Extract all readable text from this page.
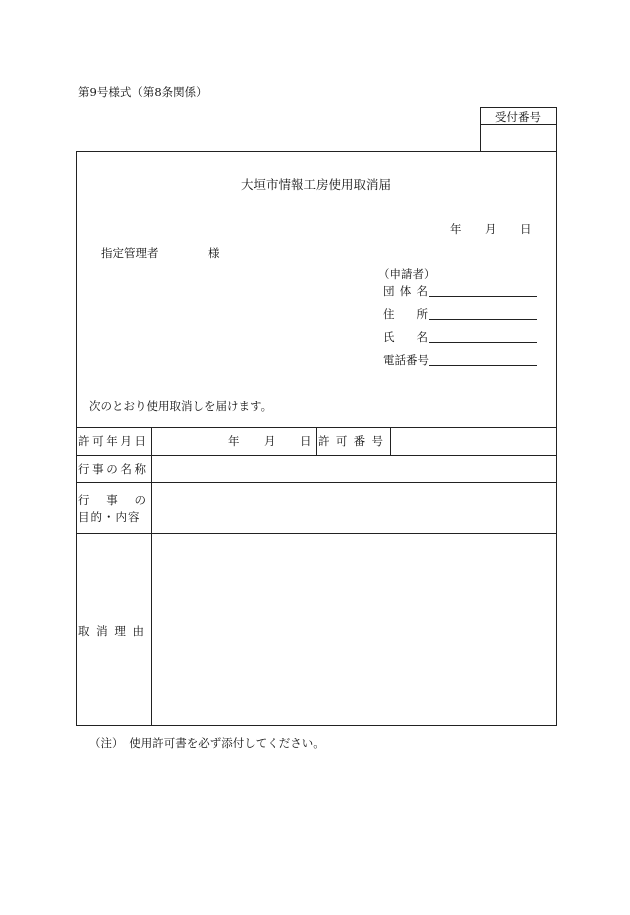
第9号様式（第8条関係）
受付番号
大垣市情報工房使用取消届
年 月 日
指定管理者	様
（申請者）
団 体 名
住 所
氏 名
電話番号
次のとおり使用取消しを届けます。
許 可 年 月 日	年 月 日 許 可 番 号
行 事 の 名 称
行 事 の
目的・内容
取 消 理 由
（注）　使用許可書を必ず添付してください。
